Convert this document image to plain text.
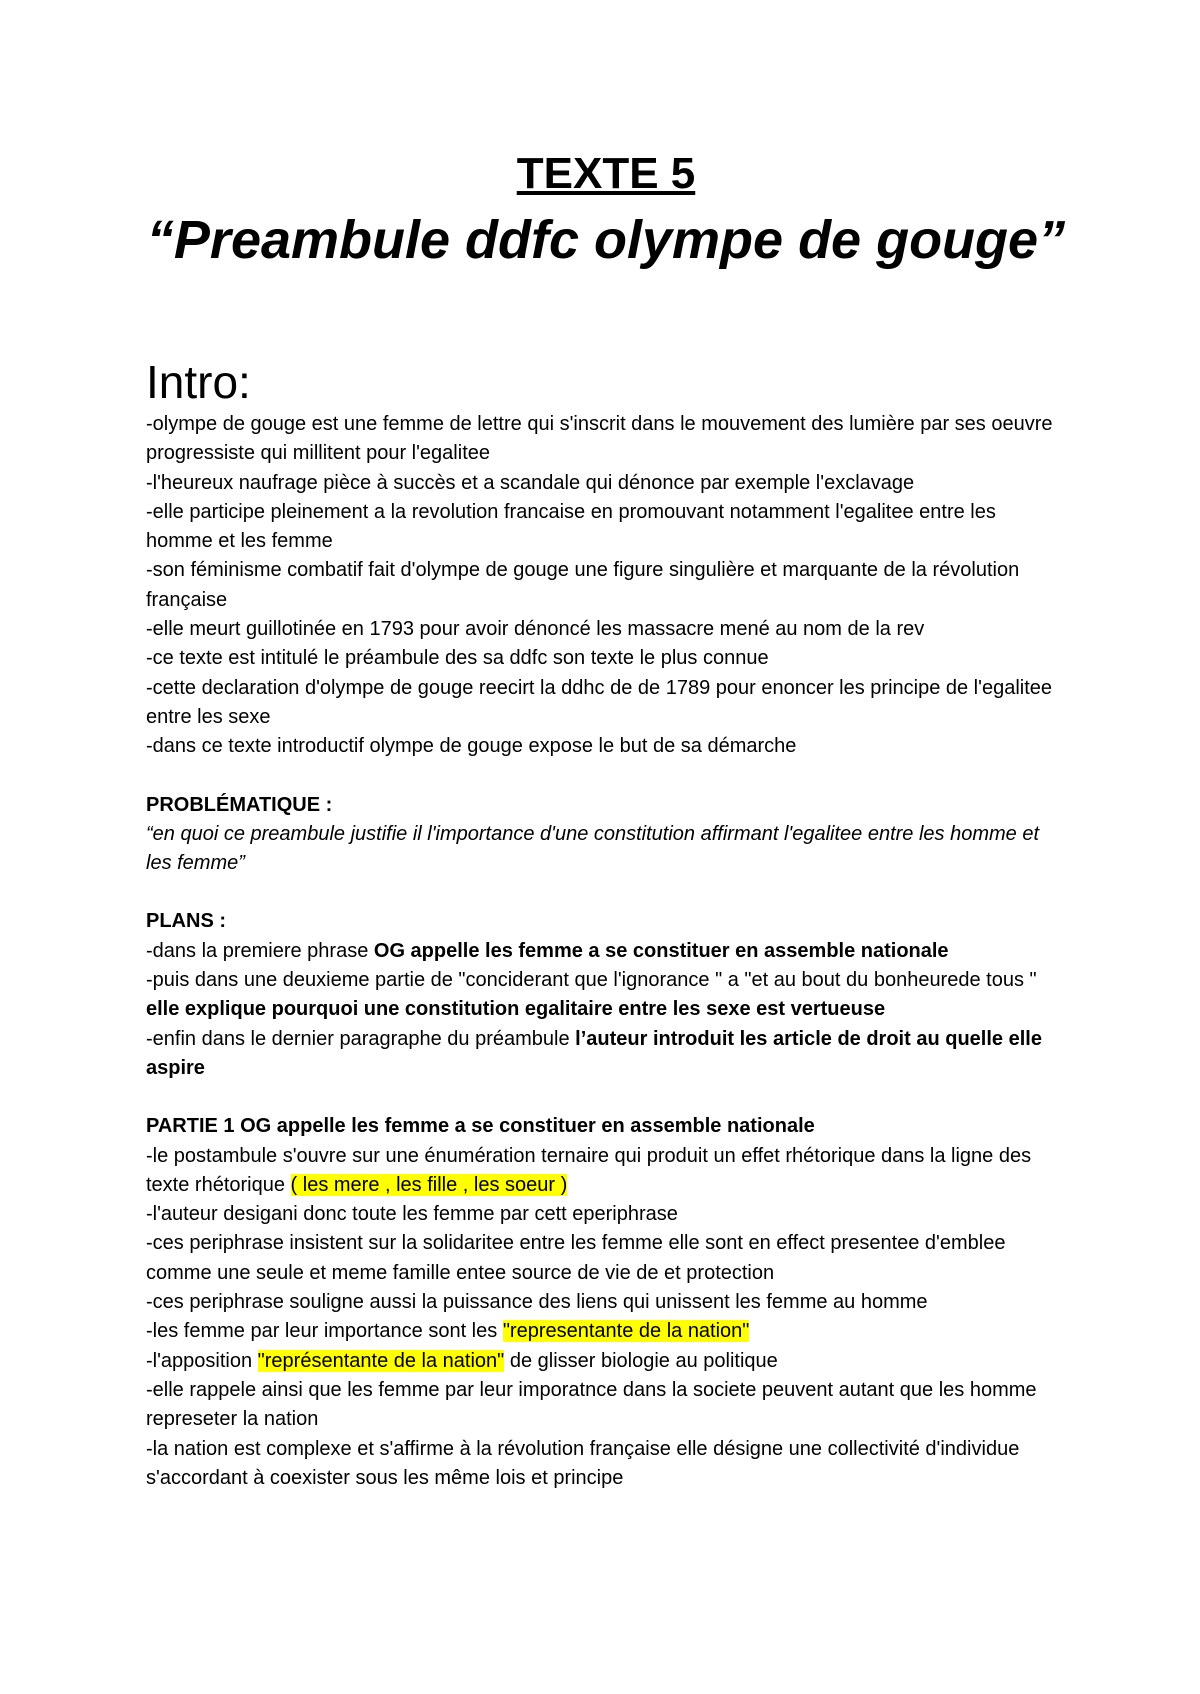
TEXTE 5
“Preambule ddfc olympe de gouge”
Intro:

-olympe de gouge est une femme de lettre qui s'inscrit dans le mouvement des lumière par ses oeuvre progressiste qui millitent pour l'egalitee

-l'heureux naufrage pièce à succès et a scandale qui dénonce par exemple l'exclavage

-elle participe pleinement a la revolution francaise en promouvant notamment l'egalitee entre les homme et les femme

-son féminisme combatif fait d'olympe de gouge une figure singulière et marquante de la révolution française

-elle meurt guillotinée en 1793 pour avoir dénoncé les massacre mené au nom de la rev

-ce texte est intitulé le préambule des sa ddfc son texte le plus connue

-cette declaration d'olympe de gouge reecirt la ddhc de de 1789 pour enoncer les principe de l'egalitee entre les sexe

-dans ce texte introductif olympe de gouge expose le but de sa démarche

PROBLÉMATIQUE :

“en quoi ce preambule justifie il l'importance d'une constitution affirmant l'egalitee entre les homme et les femme”

PLANS :

-dans la premiere phrase OG appelle les femme a se constituer en assemble nationale

-puis dans une deuxieme partie de "conciderant que l'ignorance " a "et au bout du bonheurede tous " elle explique pourquoi une constitution egalitaire entre les sexe est vertueuse

-enfin dans le dernier paragraphe du préambule l’auteur introduit les article de droit au quelle elle aspire

PARTIE 1 OG appelle les femme a se constituer en assemble nationale

-le postambule s'ouvre sur une énumération ternaire qui produit un effet rhétorique dans la ligne des texte rhétorique ( les mere , les fille , les soeur )

-l'auteur desigani donc toute les femme par cett eperiphrase

-ces periphrase insistent sur la solidaritee entre les femme elle sont en effect presentee d'emblee comme une seule et meme famille entee source de vie de et protection

-ces periphrase souligne aussi la puissance des liens qui unissent les femme au homme

-les femme par leur importance sont les "representante de la nation"

-l'apposition "représentante de la nation" de glisser biologie au politique

-elle rappele ainsi que les femme par leur imporatnce dans la societe peuvent autant que les homme represeter la nation

-la nation est complexe et s'affirme à la révolution française elle désigne une collectivité d'individue s'accordant à coexister sous les même lois et principe
